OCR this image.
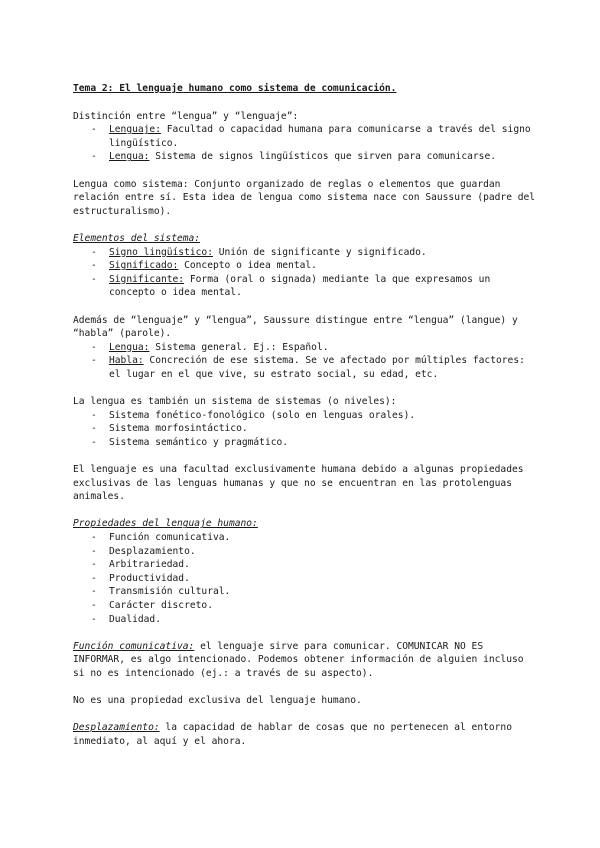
Tema 2: El lenguaje humano como sistema de comunicación.

Distinción entre “lengua” y “lenguaje”:

- Lenguaje: Facultad o capacidad humana para comunicarse a través del signo lingüístico.
- Lengua: Sistema de signos lingüísticos que sirven para comunicarse.

Lengua como sistema: Conjunto organizado de reglas o elementos que guardan relación entre sí. Esta idea de lengua como sistema nace con Saussure (padre del estructuralismo).

Elementos del sistema:

- Signo lingüístico: Unión de significante y significado.
- Significado: Concepto o idea mental.
- Significante: Forma (oral o signada) mediante la que expresamos un concepto o idea mental.

Además de “lenguaje” y “lengua”, Saussure distingue entre “lengua” (langue) y “habla” (parole).

- Lengua: Sistema general. Ej.: Español.
- Habla: Concreción de ese sistema. Se ve afectado por múltiples factores: el lugar en el que vive, su estrato social, su edad, etc.

La lengua es también un sistema de sistemas (o niveles):

- Sistema fonético-fonológico (solo en lenguas orales).
- Sistema morfosintáctico.
- Sistema semántico y pragmático.

El lenguaje es una facultad exclusivamente humana debido a algunas propiedades exclusivas de las lenguas humanas y que no se encuentran en las protolenguas animales.

Propiedades del lenguaje humano:

- Función comunicativa.
- Desplazamiento.
- Arbitrariedad.
- Productividad.
- Transmisión cultural.
- Carácter discreto.
- Dualidad.

Función comunicativa: el lenguaje sirve para comunicar. COMUNICAR NO ES INFORMAR, es algo intencionado. Podemos obtener información de alguien incluso si no es intencionado (ej.: a través de su aspecto).

No es una propiedad exclusiva del lenguaje humano.

Desplazamiento: la capacidad de hablar de cosas que no pertenecen al entorno inmediato, al aquí y el ahora.
